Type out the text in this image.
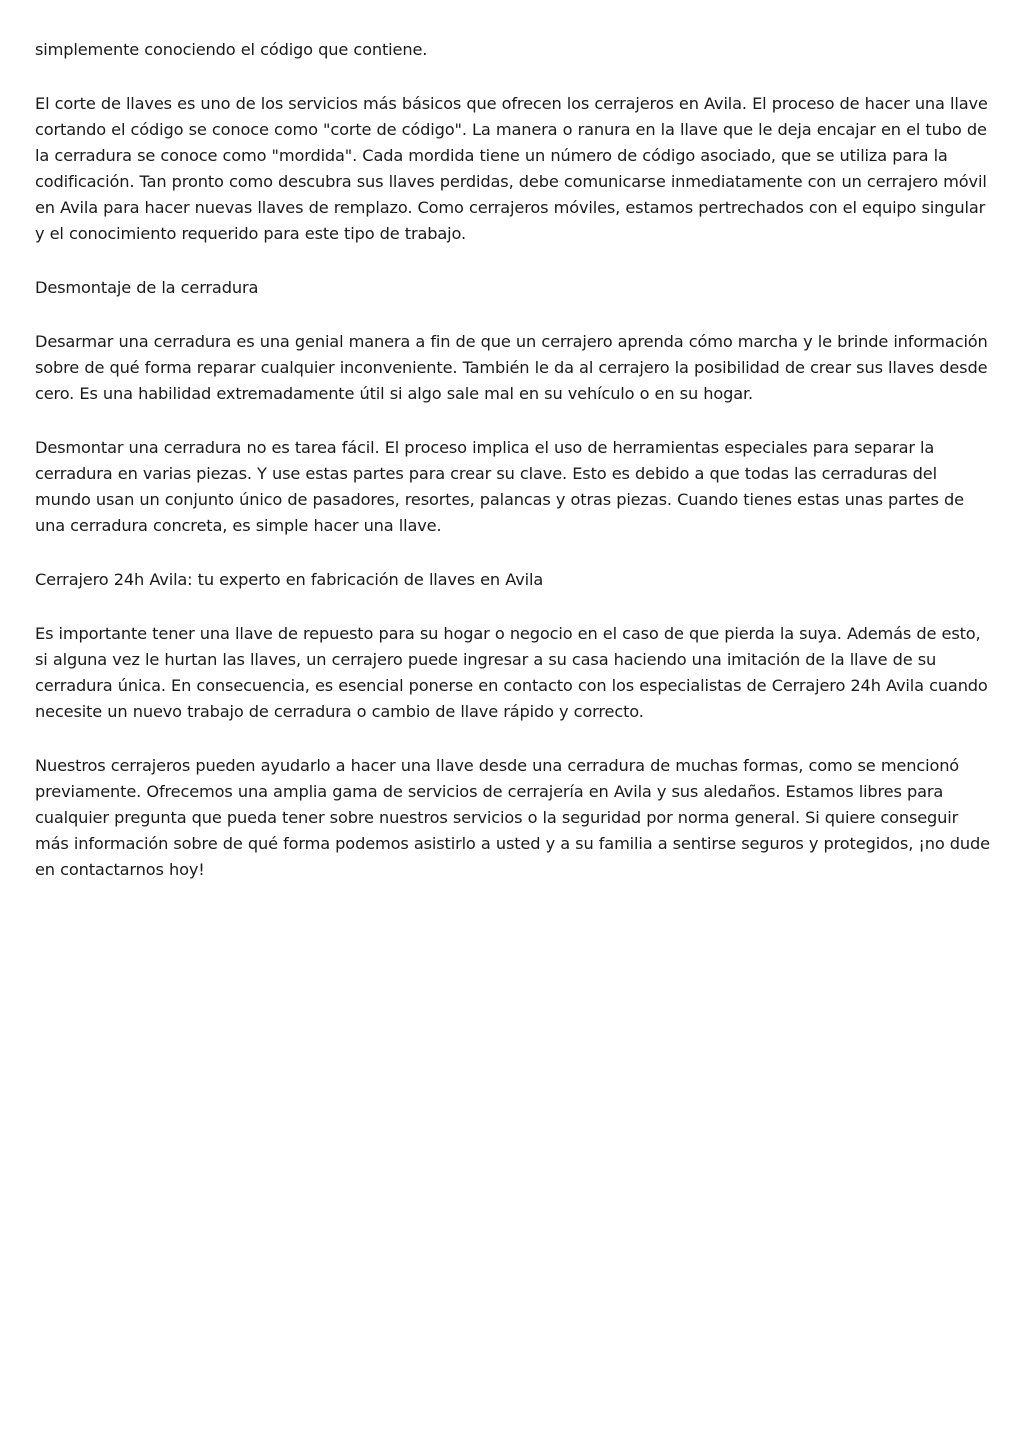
simplemente conociendo el código que contiene.

El corte de llaves es uno de los servicios más básicos que ofrecen los cerrajeros en Avila. El proceso de hacer una llave cortando el código se conoce como "corte de código". La manera o ranura en la llave que le deja encajar en el tubo de la cerradura se conoce como "mordida". Cada mordida tiene un número de código asociado, que se utiliza para la codificación. Tan pronto como descubra sus llaves perdidas, debe comunicarse inmediatamente con un cerrajero móvil en Avila para hacer nuevas llaves de remplazo. Como cerrajeros móviles, estamos pertrechados con el equipo singular y el conocimiento requerido para este tipo de trabajo.

Desmontaje de la cerradura

Desarmar una cerradura es una genial manera a fin de que un cerrajero aprenda cómo marcha y le brinde información sobre de qué forma reparar cualquier inconveniente. También le da al cerrajero la posibilidad de crear sus llaves desde cero. Es una habilidad extremadamente útil si algo sale mal en su vehículo o en su hogar.

Desmontar una cerradura no es tarea fácil. El proceso implica el uso de herramientas especiales para separar la cerradura en varias piezas. Y use estas partes para crear su clave. Esto es debido a que todas las cerraduras del mundo usan un conjunto único de pasadores, resortes, palancas y otras piezas. Cuando tienes estas unas partes de una cerradura concreta, es simple hacer una llave.

Cerrajero 24h Avila: tu experto en fabricación de llaves en Avila

Es importante tener una llave de repuesto para su hogar o negocio en el caso de que pierda la suya. Además de esto, si alguna vez le hurtan las llaves, un cerrajero puede ingresar a su casa haciendo una imitación de la llave de su cerradura única. En consecuencia, es esencial ponerse en contacto con los especialistas de Cerrajero 24h Avila cuando necesite un nuevo trabajo de cerradura o cambio de llave rápido y correcto.

Nuestros cerrajeros pueden ayudarlo a hacer una llave desde una cerradura de muchas formas, como se mencionó previamente. Ofrecemos una amplia gama de servicios de cerrajería en Avila y sus aledaños. Estamos libres para cualquier pregunta que pueda tener sobre nuestros servicios o la seguridad por norma general. Si quiere conseguir más información sobre de qué forma podemos asistirlo a usted y a su familia a sentirse seguros y protegidos, ¡no dude en contactarnos hoy!
